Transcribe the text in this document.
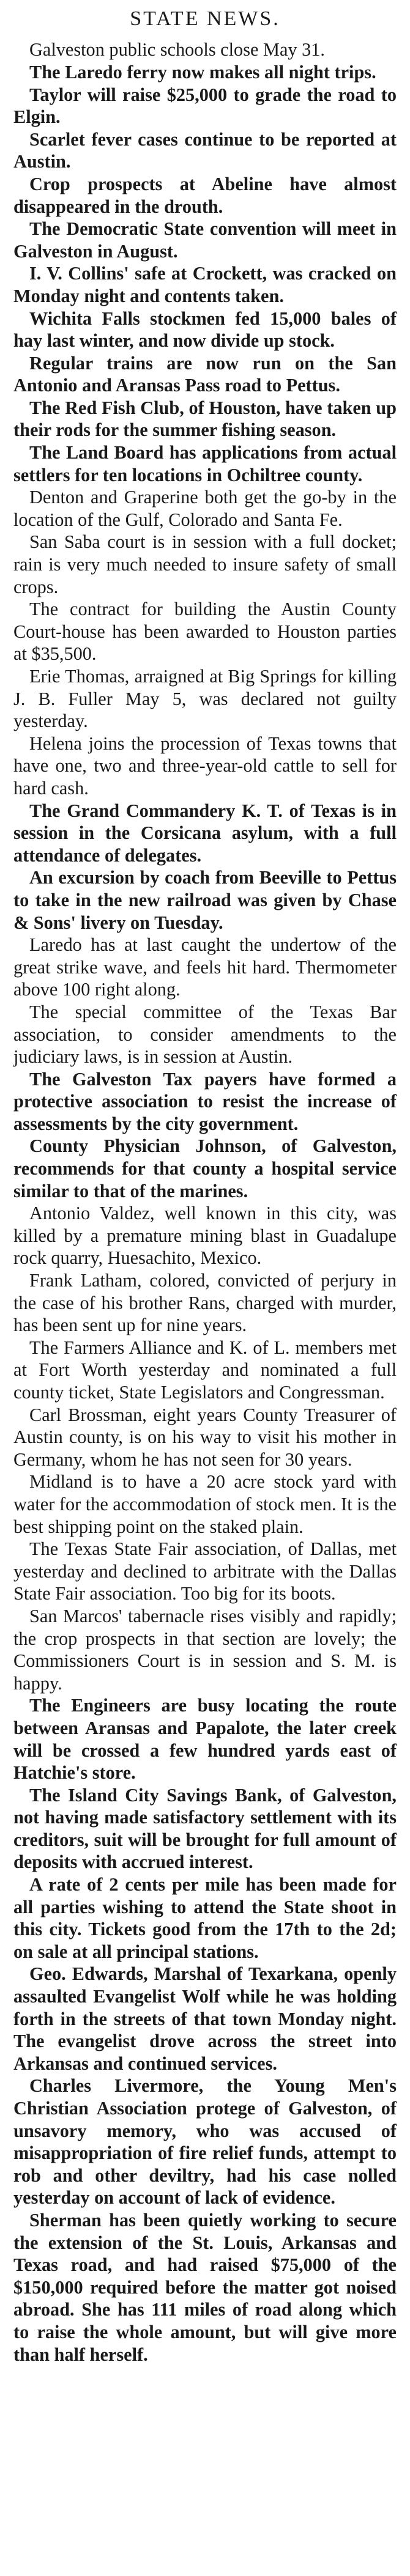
STATE NEWS.

Galveston public schools close May 31.

The Laredo ferry now makes all night trips.

Taylor will raise $25,000 to grade the road to Elgin.

Scarlet fever cases continue to be reported at Austin.

Crop prospects at Abeline have almost disappeared in the drouth.

The Democratic State convention will meet in Galveston in August.

I. V. Collins' safe at Crockett, was cracked on Monday night and contents taken.

Wichita Falls stockmen fed 15,000 bales of hay last winter, and now divide up stock.

Regular trains are now run on the San Antonio and Aransas Pass road to Pettus.

The Red Fish Club, of Houston, have taken up their rods for the summer fishing season.

The Land Board has applications from actual settlers for ten locations in Ochiltree county.

Denton and Graperine both get the go-by in the location of the Gulf, Colorado and Santa Fe.

San Saba court is in session with a full docket; rain is very much needed to insure safety of small crops.

The contract for building the Austin County Court-house has been awarded to Houston parties at $35,500.

Erie Thomas, arraigned at Big Springs for killing J. B. Fuller May 5, was declared not guilty yesterday.

Helena joins the procession of Texas towns that have one, two and three-year-old cattle to sell for hard cash.

The Grand Commandery K. T. of Texas is in session in the Corsicana asylum, with a full attendance of delegates.

An excursion by coach from Beeville to Pettus to take in the new railroad was given by Chase & Sons' livery on Tuesday.

Laredo has at last caught the undertow of the great strike wave, and feels hit hard. Thermometer above 100 right along.

The special committee of the Texas Bar association, to consider amendments to the judiciary laws, is in session at Austin.

The Galveston Tax payers have formed a protective association to resist the increase of assessments by the city government.

County Physician Johnson, of Galveston, recommends for that county a hospital service similar to that of the marines.

Antonio Valdez, well known in this city, was killed by a premature mining blast in Guadalupe rock quarry, Huesachito, Mexico.

Frank Latham, colored, convicted of perjury in the case of his brother Rans, charged with murder, has been sent up for nine years.

The Farmers Alliance and K. of L. members met at Fort Worth yesterday and nominated a full county ticket, State Legislators and Congressman.

Carl Brossman, eight years County Treasurer of Austin county, is on his way to visit his mother in Germany, whom he has not seen for 30 years.

Midland is to have a 20 acre stock yard with water for the accommodation of stock men. It is the best shipping point on the staked plain.

The Texas State Fair association, of Dallas, met yesterday and declined to arbitrate with the Dallas State Fair association. Too big for its boots.

San Marcos' tabernacle rises visibly and rapidly; the crop prospects in that section are lovely; the Commissioners Court is in session and S. M. is happy.

The Engineers are busy locating the route between Aransas and Papalote, the later creek will be crossed a few hundred yards east of Hatchie's store.

The Island City Savings Bank, of Galveston, not having made satisfactory settlement with its creditors, suit will be brought for full amount of deposits with accrued interest.

A rate of 2 cents per mile has been made for all parties wishing to attend the State shoot in this city. Tickets good from the 17th to the 2d; on sale at all principal stations.

Geo. Edwards, Marshal of Texarkana, openly assaulted Evangelist Wolf while he was holding forth in the streets of that town Monday night. The evangelist drove across the street into Arkansas and continued services.

Charles Livermore, the Young Men's Christian Association protege of Galveston, of unsavory memory, who was accused of misappropriation of fire relief funds, attempt to rob and other deviltry, had his case nolled yesterday on account of lack of evidence.

Sherman has been quietly working to secure the extension of the St. Louis, Arkansas and Texas road, and had raised $75,000 of the $150,000 required before the matter got noised abroad. She has 111 miles of road along which to raise the whole amount, but will give more than half herself.
